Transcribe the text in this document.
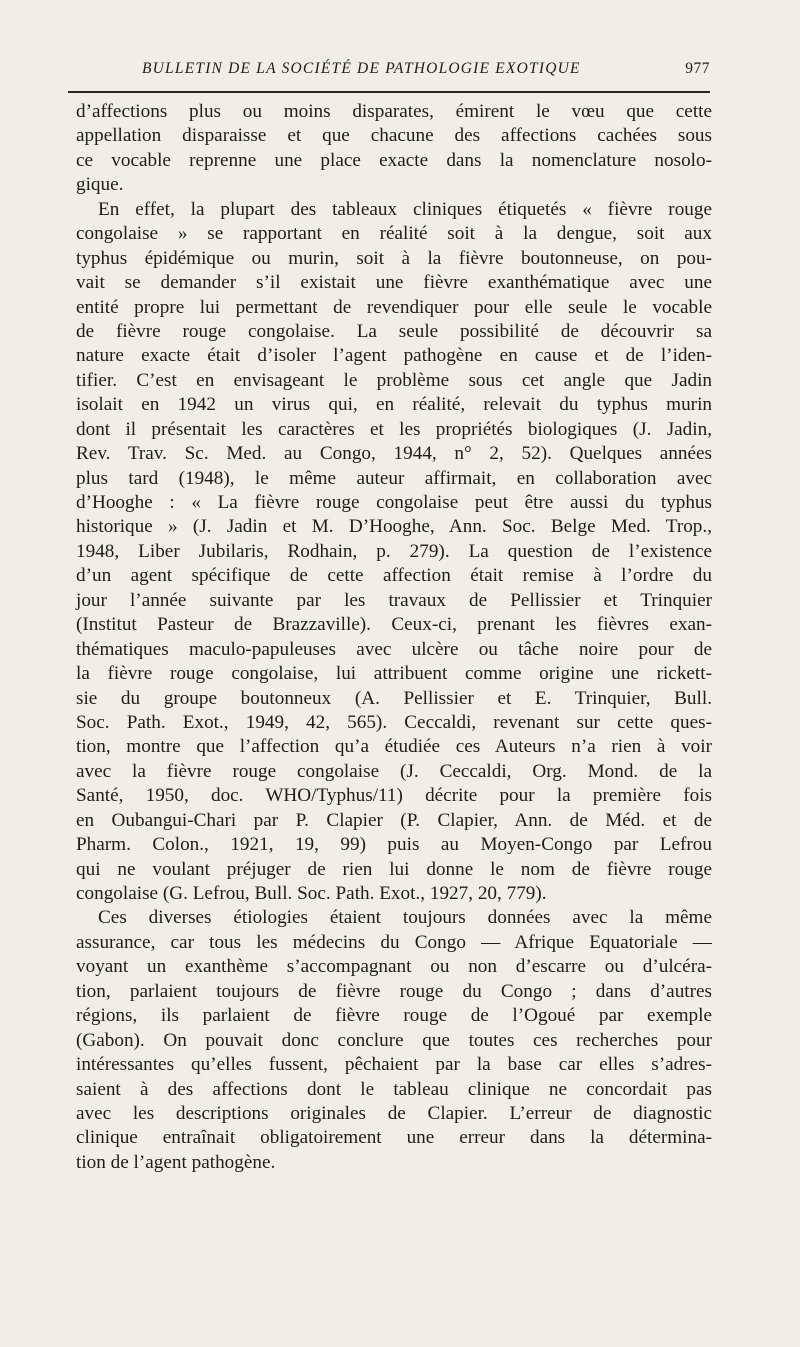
BULLETIN DE LA SOCIÉTÉ DE PATHOLOGIE EXOTIQUE	977
d’affections plus ou moins disparates, émirent le vœu que cette
appellation disparaisse et que chacune des affections cachées sous
ce vocable reprenne une place exacte dans la nomenclature nosolo-
gique.
En effet, la plupart des tableaux cliniques étiquetés « fièvre rouge
congolaise » se rapportant en réalité soit à la dengue, soit aux
typhus épidémique ou murin, soit à la fièvre boutonneuse, on pou-
vait se demander s’il existait une fièvre exanthématique avec une
entité propre lui permettant de revendiquer pour elle seule le vocable
de fièvre rouge congolaise. La seule possibilité de découvrir sa
nature exacte était d’isoler l’agent pathogène en cause et de l’iden-
tifier. C’est en envisageant le problème sous cet angle que Jadin
isolait en 1942 un virus qui, en réalité, relevait du typhus murin
dont il présentait les caractères et les propriétés biologiques (J. Jadin,
Rev. Trav. Sc. Med. au Congo, 1944, n° 2, 52). Quelques années
plus tard (1948), le même auteur affirmait, en collaboration avec
d’Hooghe : « La fièvre rouge congolaise peut être aussi du typhus
historique » (J. Jadin et M. D’Hooghe, Ann. Soc. Belge Med. Trop.,
1948, Liber Jubilaris, Rodhain, p. 279). La question de l’existence
d’un agent spécifique de cette affection était remise à l’ordre du
jour l’année suivante par les travaux de Pellissier et Trinquier
(Institut Pasteur de Brazzaville). Ceux-ci, prenant les fièvres exan-
thématiques maculo-papuleuses avec ulcère ou tâche noire pour de
la fièvre rouge congolaise, lui attribuent comme origine une rickett-
sie du groupe boutonneux (A. Pellissier et E. Trinquier, Bull.
Soc. Path. Exot., 1949, 42, 565). Ceccaldi, revenant sur cette ques-
tion, montre que l’affection qu’a étudiée ces Auteurs n’a rien à voir
avec la fièvre rouge congolaise (J. Ceccaldi, Org. Mond. de la
Santé, 1950, doc. WHO/Typhus/11) décrite pour la première fois
en Oubangui-Chari par P. Clapier (P. Clapier, Ann. de Méd. et de
Pharm. Colon., 1921, 19, 99) puis au Moyen-Congo par Lefrou
qui ne voulant préjuger de rien lui donne le nom de fièvre rouge
congolaise (G. Lefrou, Bull. Soc. Path. Exot., 1927, 20, 779).
Ces diverses étiologies étaient toujours données avec la même
assurance, car tous les médecins du Congo — Afrique Equatoriale —
voyant un exanthème s’accompagnant ou non d’escarre ou d’ulcéra-
tion, parlaient toujours de fièvre rouge du Congo ; dans d’autres
régions, ils parlaient de fièvre rouge de l’Ogoué par exemple
(Gabon). On pouvait donc conclure que toutes ces recherches pour
intéressantes qu’elles fussent, pêchaient par la base car elles s’adres-
saient à des affections dont le tableau clinique ne concordait pas
avec les descriptions originales de Clapier. L’erreur de diagnostic
clinique entraînait obligatoirement une erreur dans la détermina-
tion de l’agent pathogène.
